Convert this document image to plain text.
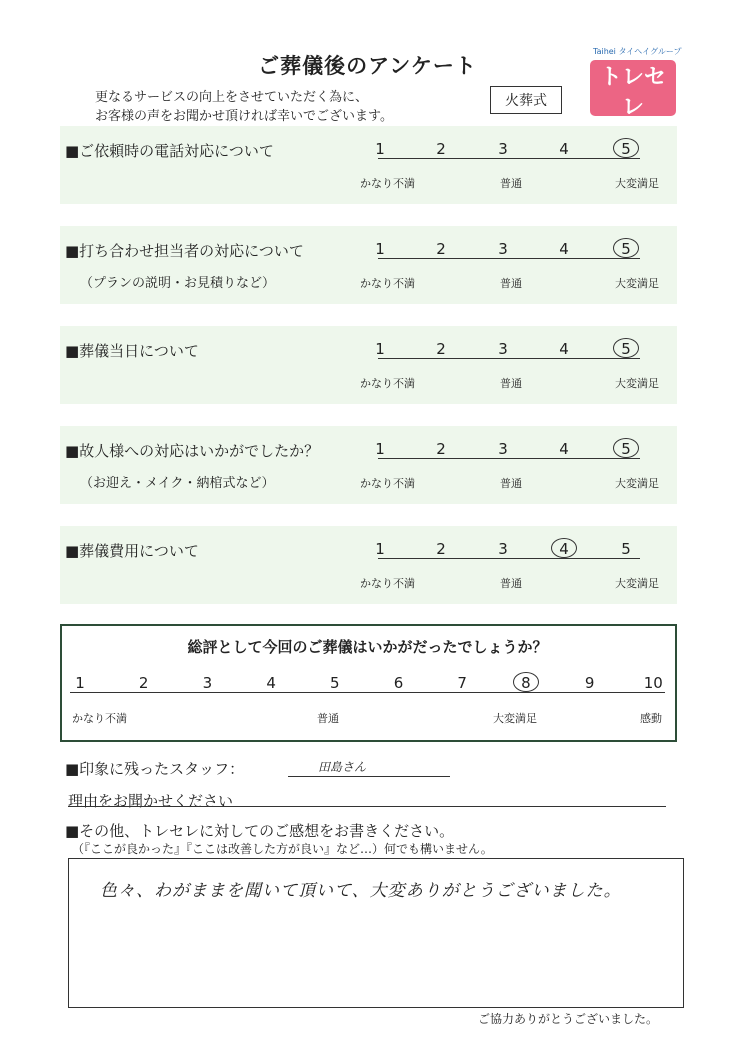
ご葬儀後のアンケート
更なるサービスの向上をさせていただく為に、
お客様の声をお聞かせ頂ければ幸いでございます。
火葬式
Taihei タイヘイグループ
トレセレ
■ご依頼時の電話対応について	1	2	3	4	5
かなり不満	普通	大変満足
■打ち合わせ担当者の対応について
（プランの説明・お見積りなど）
1	2	3	4	5
かなり不満	普通	大変満足
■葬儀当日について	1	2	3	4	5
かなり不満	普通	大変満足
■故人様への対応はいかがでしたか？
（お迎え・メイク・納棺式など）
1	2	3	4	5
かなり不満	普通	大変満足
■葬儀費用について	1	2	3	4	5
かなり不満	普通	大変満足
総評として今回のご葬儀はいかがだったでしょうか？
1	2	3	4	5	6	7	8	9	10
かなり不満	普通	大変満足	感動
■印象に残ったスタッフ：	田島さん
理由をお聞かせください
■その他、トレセレに対してのご感想をお書きください。
（『ここが良かった』『ここは改善した方が良い』など…）何でも構いません。
色々、わがままを聞いて頂いて、大変ありがとうございました。
ご協力ありがとうございました。
